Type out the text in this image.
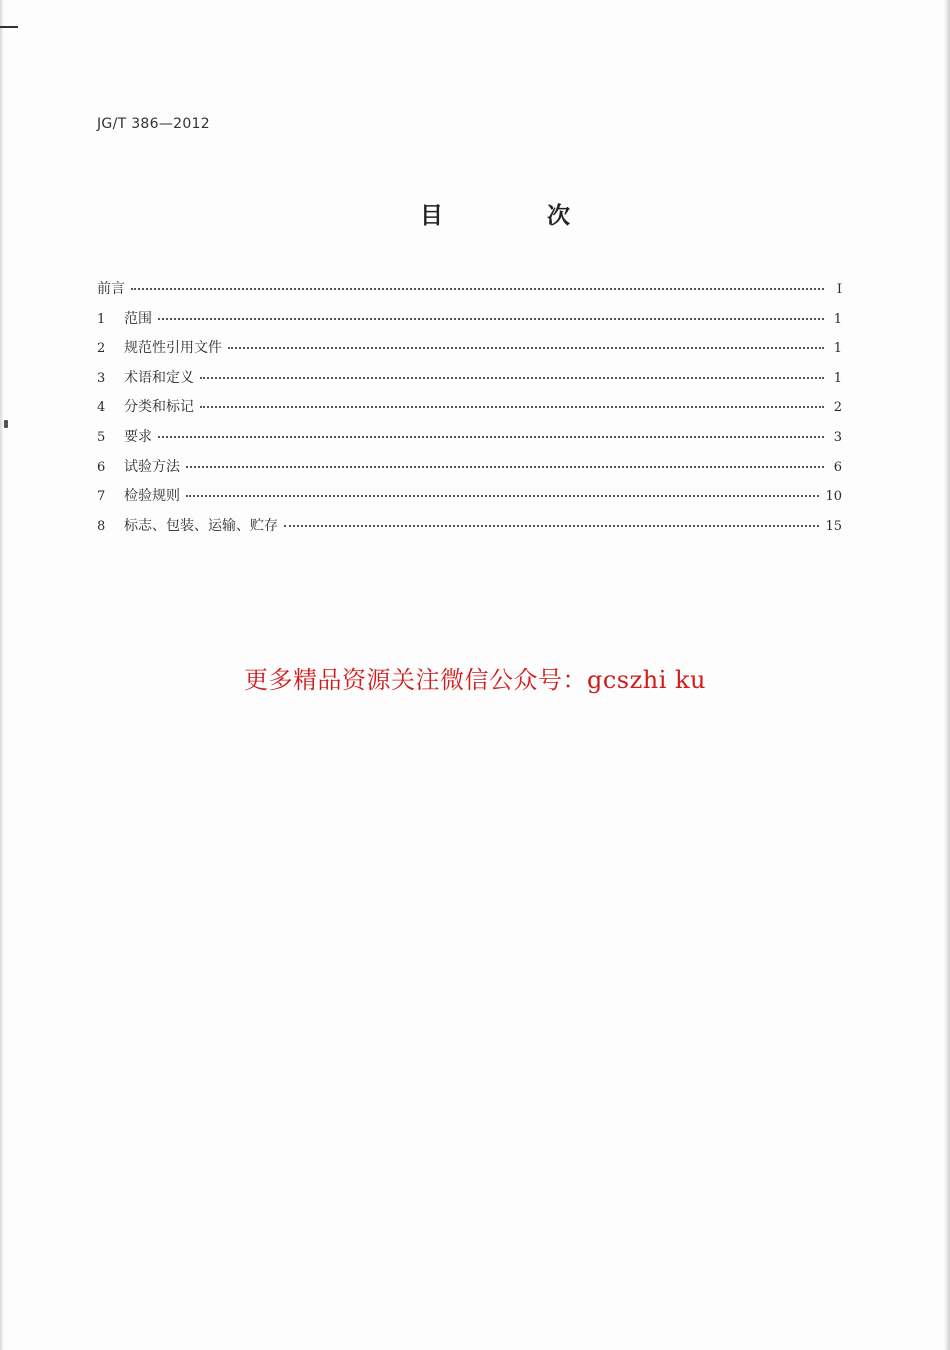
JG/T 386—2012
目 次
前言	Ⅰ
1	范围	1
2	规范性引用文件	1
3	术语和定义	1
4	分类和标记	2
5	要求	3
6	试验方法	6
7	检验规则	10
8	标志、包装、运输、贮存	15
更多精品资源关注微信公众号：gcszhi ku
